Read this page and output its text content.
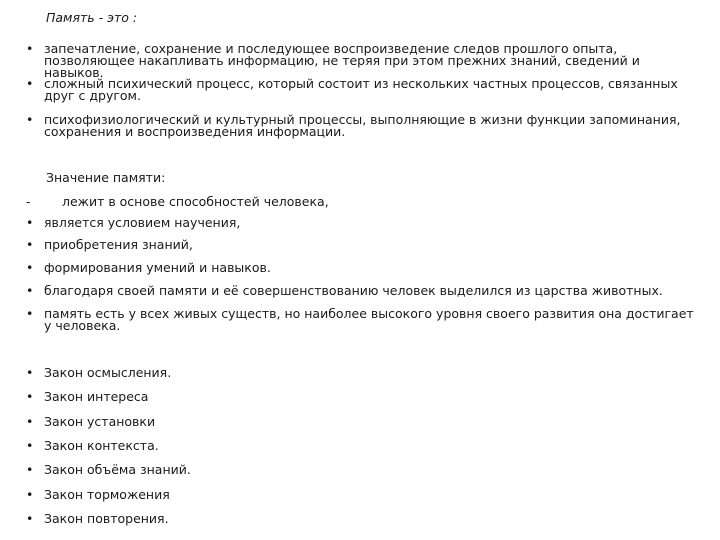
Память - это :
• запечатление, сохранение и последующее воспроизведение следов прошлого опыта, позволяющее накапливать информацию, не теряя при этом прежних знаний, сведений и навыков.
• сложный психический процесс, который состоит из нескольких частных процессов, связанных друг с другом.
• психофизиологический и культурный процессы, выполняющие в жизни функции запоминания, сохранения и воспроизведения информации.
Значение памяти:
-	лежит в основе способностей человека,
• является условием научения,
• приобретения знаний,
• формирования умений и навыков.
• благодаря своей памяти и её совершенствованию человек выделился из царства животных.
• память есть у всех живых существ, но наиболее высокого уровня своего развития она достигает у человека.
• Закон осмысления.
• Закон интереса
• Закон установки
• Закон контекста.
• Закон объёма знаний.
• Закон торможения
• Закон повторения.
